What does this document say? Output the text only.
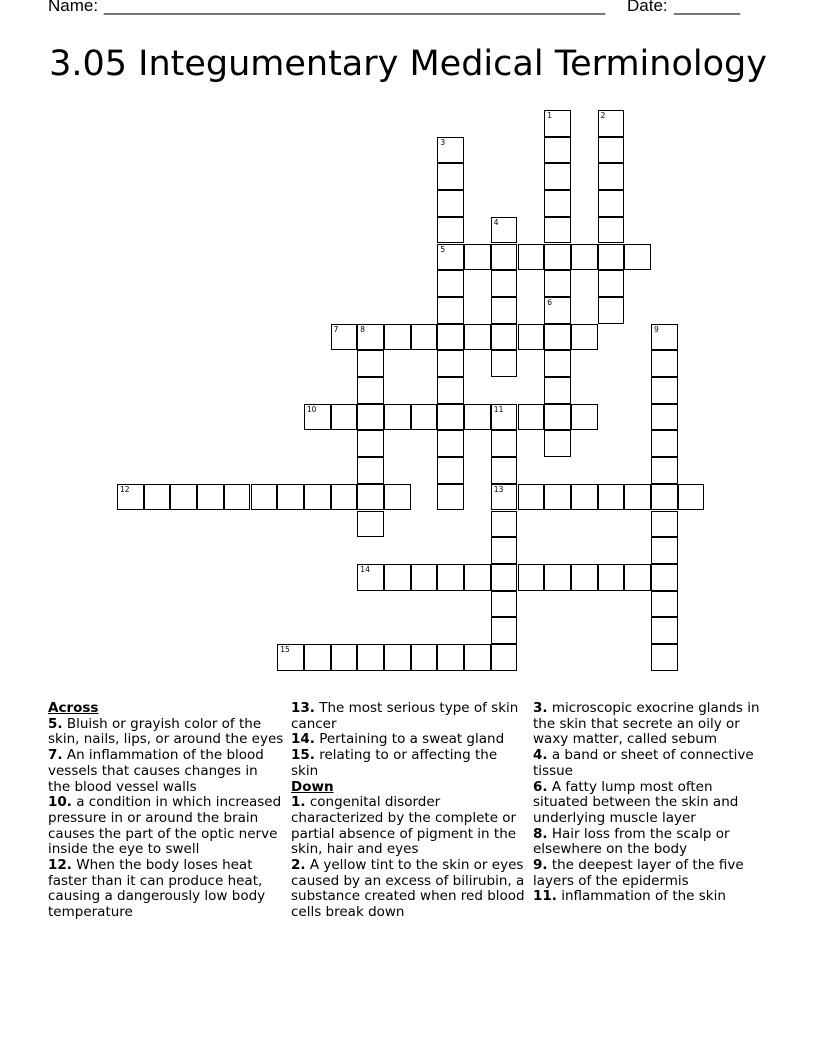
Name: _____________________________________________________ Date: _______
3.05 Integumentary Medical Terminology
1
6
2
3
5
4
7	8	9
10	11
13
12
14
15
Across
5. Bluish or grayish color of the skin, nails, lips, or around the eyes
7. An inflammation of the blood vessels that causes changes in the blood vessel walls
10. a condition in which increased pressure in or around the brain causes the part of the optic nerve inside the eye to swell
12. When the body loses heat faster than it can produce heat, causing a dangerously low body temperature
13. The most serious type of skin cancer
14. Pertaining to a sweat gland
15. relating to or affecting the skin
Down
1. congenital disorder characterized by the complete or partial absence of pigment in the skin, hair and eyes
2. A yellow tint to the skin or eyes caused by an excess of bilirubin, a substance created when red blood cells break down
3. microscopic exocrine glands in the skin that secrete an oily or waxy matter, called sebum
4. a band or sheet of connective tissue
6. A fatty lump most often situated between the skin and underlying muscle layer
8. Hair loss from the scalp or elsewhere on the body
9. the deepest layer of the five layers of the epidermis
11. inflammation of the skin
